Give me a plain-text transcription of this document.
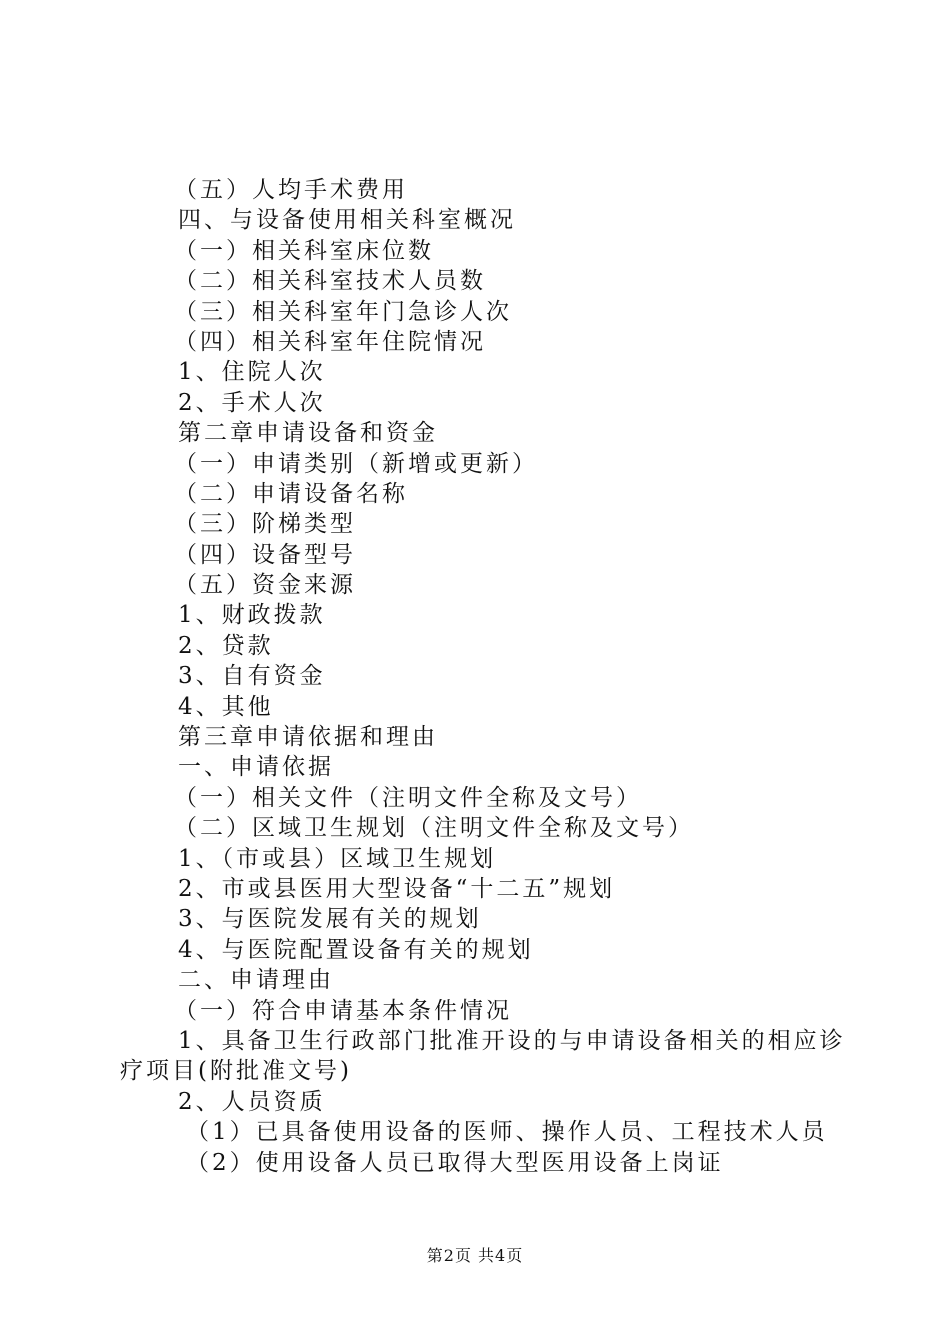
（五）人均手术费用
四、与设备使用相关科室概况
（一）相关科室床位数
（二）相关科室技术人员数
（三）相关科室年门急诊人次
（四）相关科室年住院情况
1、住院人次
2、手术人次
第二章申请设备和资金
（一）申请类别（新增或更新）
（二）申请设备名称
（三）阶梯类型
（四）设备型号
（五）资金来源
1、财政拨款
2、贷款
3、自有资金
4、其他
第三章申请依据和理由
一、申请依据
（一）相关文件（注明文件全称及文号）
（二）区域卫生规划（注明文件全称及文号）
1、（市或县）区域卫生规划
2、市或县医用大型设备“十二五”规划
3、与医院发展有关的规划
4、与医院配置设备有关的规划
二、申请理由
（一）符合申请基本条件情况
1、具备卫生行政部门批准开设的与申请设备相关的相应诊
疗项目(附批准文号)
2、人员资质
（1）已具备使用设备的医师、操作人员、工程技术人员
（2）使用设备人员已取得大型医用设备上岗证
第2页 共4页
